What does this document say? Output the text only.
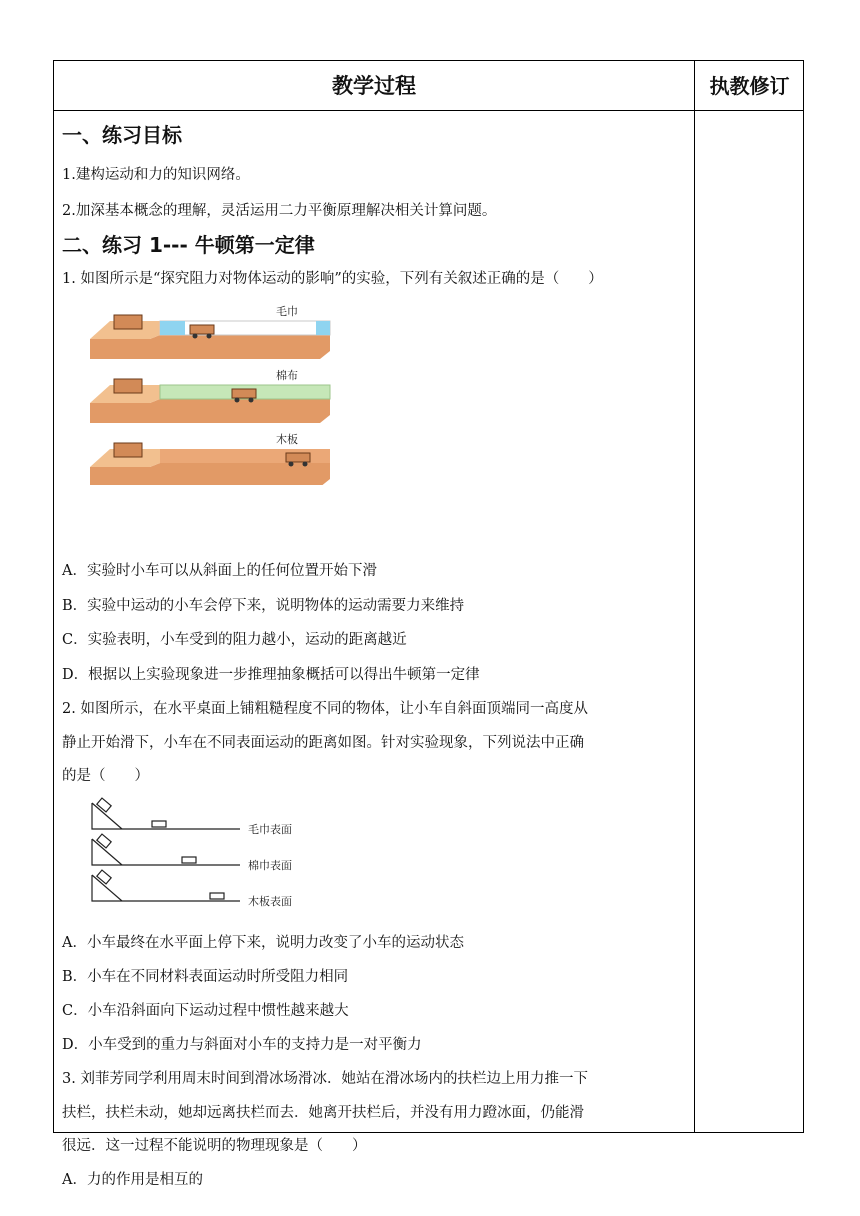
教学过程	执教修订
一、练习目标
1.建构运动和力的知识网络。
2.加深基本概念的理解，灵活运用二力平衡原理解决相关计算问题。
二、练习 1--- 牛顿第一定律
1. 如图所示是“探究阻力对物体运动的影响”的实验，下列有关叙述正确的是（　　）
毛巾
棉布
木板
A．实验时小车可以从斜面上的任何位置开始下滑
B．实验中运动的小车会停下来，说明物体的运动需要力来维持
C．实验表明，小车受到的阻力越小，运动的距离越近
D．根据以上实验现象进一步推理抽象概括可以得出牛顿第一定律
2. 如图所示，在水平桌面上铺粗糙程度不同的物体，让小车自斜面顶端同一高度从
静止开始滑下，小车在不同表面运动的距离如图。针对实验现象，下列说法中正确
的是（　　）
毛巾表面
棉巾表面
木板表面
A．小车最终在水平面上停下来，说明力改变了小车的运动状态
B．小车在不同材料表面运动时所受阻力相同
C．小车沿斜面向下运动过程中惯性越来越大
D．小车受到的重力与斜面对小车的支持力是一对平衡力
3. 刘菲芳同学利用周末时间到滑冰场滑冰．她站在滑冰场内的扶栏边上用力推一下
扶栏，扶栏未动，她却远离扶栏而去．她离开扶栏后，并没有用力蹬冰面，仍能滑
很远．这一过程不能说明的物理现象是（　　）
A．力的作用是相互的
